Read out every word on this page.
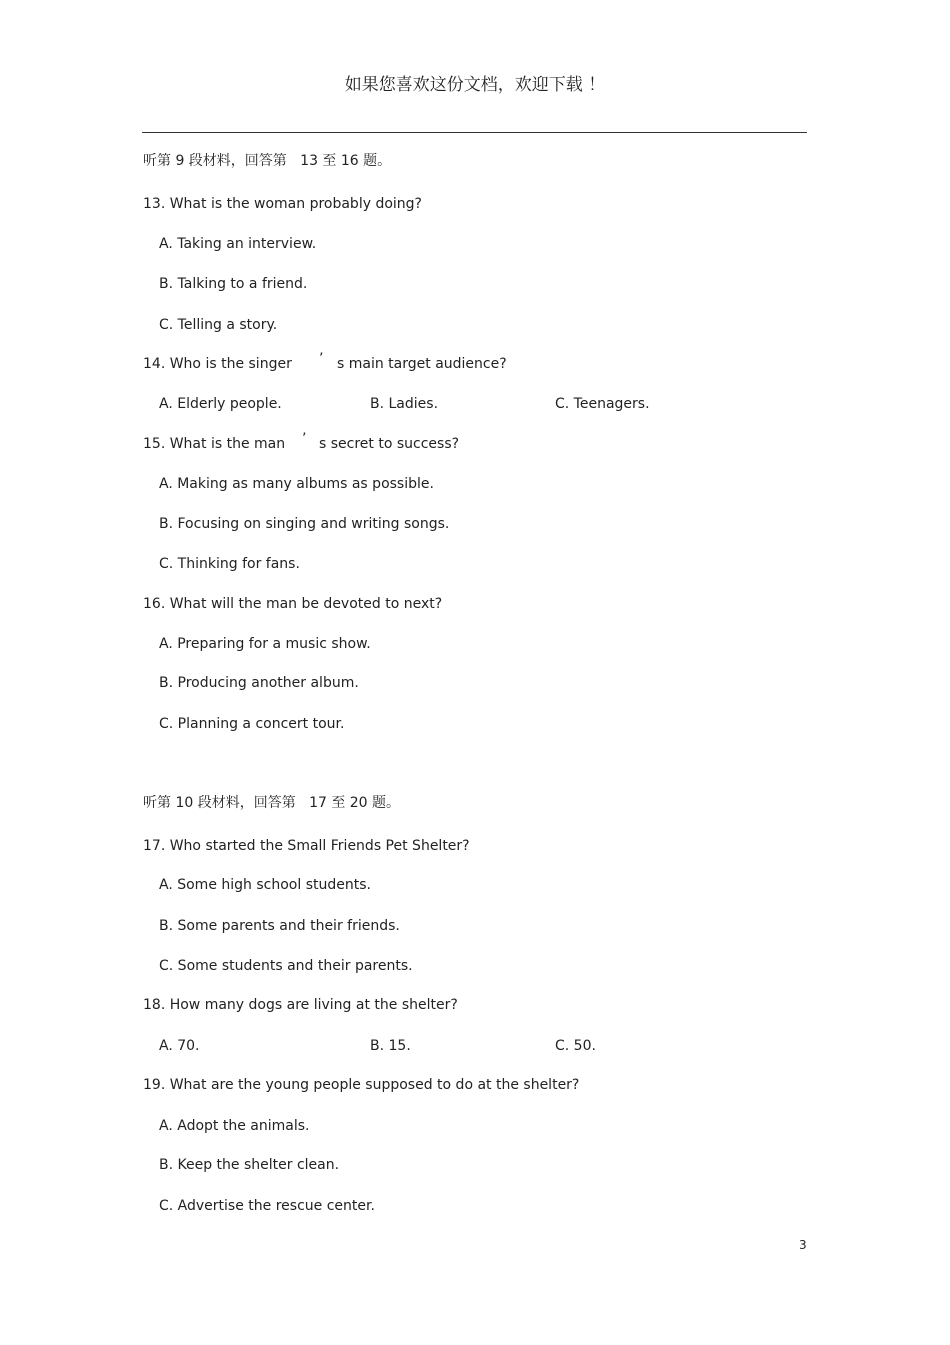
如果您喜欢这份文档，欢迎下载 ！
听第 9 段材料，回答第   13 至 16 题。
13. What is the woman probably doing?
A. Taking an interview.
B. Talking to a friend.
C. Telling a story.
14. Who is the singer ’ s main target audience?
A. Elderly people.	B. Ladies.	C. Teenagers.
15. What is the man ’ s secret to success?
A. Making as many albums as possible.
B. Focusing on singing and writing songs.
C. Thinking for fans.
16. What will the man be devoted to next?
A. Preparing for a music show.
B. Producing another album.
C. Planning a concert tour.
听第 10 段材料，回答第   17 至 20 题。
17. Who started the Small Friends Pet Shelter?
A. Some high school students.
B. Some parents and their friends.
C. Some students and their parents.
18. How many dogs are living at the shelter?
A. 70.	B. 15.	C. 50.
19. What are the young people supposed to do at the shelter?
A. Adopt the animals.
B. Keep the shelter clean.
C. Advertise the rescue center.
3
